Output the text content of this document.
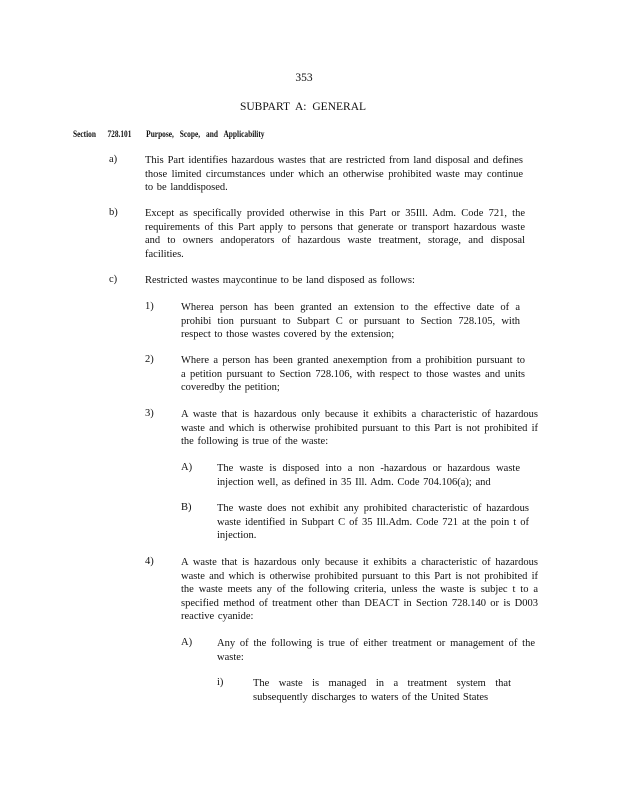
353
SUBPART A: GENERAL
Section 728.101 Purpose, Scope, and Applicability
a)	This Part identifies hazardous wastes that are restricted from land disposal and defines those limited circumstances under which an otherwise prohibited waste may continue to be landdisposed.
b)	Except as specifically provided otherwise in this Part or 35Ill. Adm. Code 721, the requirements of this Part apply to persons that generate or transport hazardous waste and to owners andoperators of hazardous waste treatment, storage, and disposal facilities.
c)	Restricted wastes maycontinue to be land disposed as follows:
1)	Wherea person has been granted an extension to the effective date of a prohibi tion pursuant to Subpart C or pursuant to Section 728.105, with respect to those wastes covered by the extension;
2)	Where a person has been granted anexemption from a prohibition pursuant to a petition pursuant to Section 728.106, with respect to those wastes and units coveredby the petition;
3)	A waste that is hazardous only because it exhibits a characteristic of hazardous waste and which is otherwise prohibited pursuant to this Part is not prohibited if the following is true of the waste:
A) The waste is disposed into a non -hazardous or hazardous waste injection well, as defined in 35 Ill. Adm. Code 704.106(a); and
B) The waste does not exhibit any prohibited characteristic of hazardous waste identified in Subpart C of 35 Ill.Adm. Code 721 at the poin t of injection.
4)	A waste that is hazardous only because it exhibits a characteristic of hazardous waste and which is otherwise prohibited pursuant to this Part is not prohibited if the waste meets any of the following criteria, unless the waste is subjec t to a specified method of treatment other than DEACT in Section 728.140 or is D003 reactive cyanide:
A) Any of the following is true of either treatment or management of the waste:
i)	The waste is managed in a treatment system that subsequently discharges to waters of the United States
